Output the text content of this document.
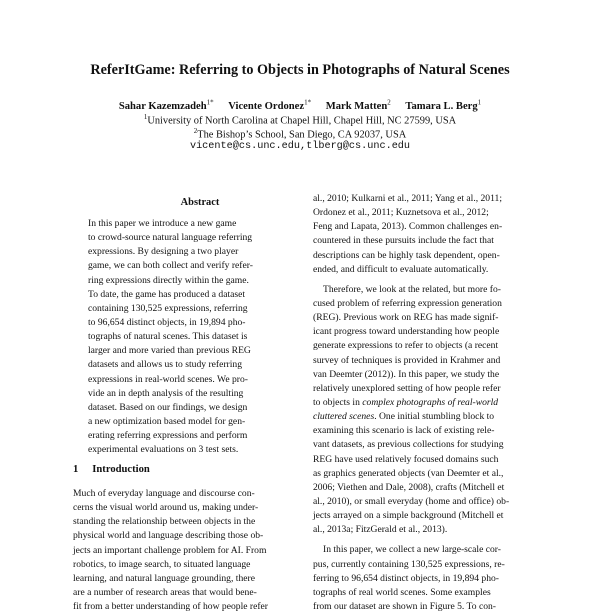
ReferItGame: Referring to Objects in Photographs of Natural Scenes
Sahar Kazemzadeh$^{1*}$ Vicente Ordonez$^{1*}$ Mark Matten$^2$ Tamara L. Berg$^1$
$^1$University of North Carolina at Chapel Hill, Chapel Hill, NC 27599, USA
$^2$The Bishop’s School, San Diego, CA 92037, USA
vicente@cs.unc.edu,tlberg@cs.unc.edu
Abstract
In this paper we introduce a new game
to crowd-source natural language referring
expressions. By designing a two player
game, we can both collect and verify refer-
ring expressions directly within the game.
To date, the game has produced a dataset
containing 130,525 expressions, referring
to 96,654 distinct objects, in 19,894 pho-
tographs of natural scenes. This dataset is
larger and more varied than previous REG
datasets and allows us to study referring
expressions in real-world scenes. We pro-
vide an in depth analysis of the resulting
dataset. Based on our findings, we design
a new optimization based model for gen-
erating referring expressions and perform
experimental evaluations on 3 test sets.
1 Introduction
Much of everyday language and discourse con-
cerns the visual world around us, making under-
standing the relationship between objects in the
physical world and language describing those ob-
jects an important challenge problem for AI. From
robotics, to image search, to situated language
learning, and natural language grounding, there
are a number of research areas that would bene-
fit from a better understanding of how people refer
al., 2010; Kulkarni et al., 2011; Yang et al., 2011;
Ordonez et al., 2011; Kuznetsova et al., 2012;
Feng and Lapata, 2013). Common challenges en-
countered in these pursuits include the fact that
descriptions can be highly task dependent, open-
ended, and difficult to evaluate automatically.
Therefore, we look at the related, but more fo-
cused problem of referring expression generation
(REG). Previous work on REG has made signif-
icant progress toward understanding how people
generate expressions to refer to objects (a recent
survey of techniques is provided in Krahmer and
van Deemter (2012)). In this paper, we study the
relatively unexplored setting of how people refer
to objects in complex photographs of real-world
cluttered scenes. One initial stumbling block to
examining this scenario is lack of existing rele-
vant datasets, as previous collections for studying
REG have used relatively focused domains such
as graphics generated objects (van Deemter et al.,
2006; Viethen and Dale, 2008), crafts (Mitchell et
al., 2010), or small everyday (home and office) ob-
jects arrayed on a simple background (Mitchell et
al., 2013a; FitzGerald et al., 2013).
In this paper, we collect a new large-scale cor-
pus, currently containing 130,525 expressions, re-
ferring to 96,654 distinct objects, in 19,894 pho-
tographs of real world scenes. Some examples
from our dataset are shown in Figure 5. To con-
